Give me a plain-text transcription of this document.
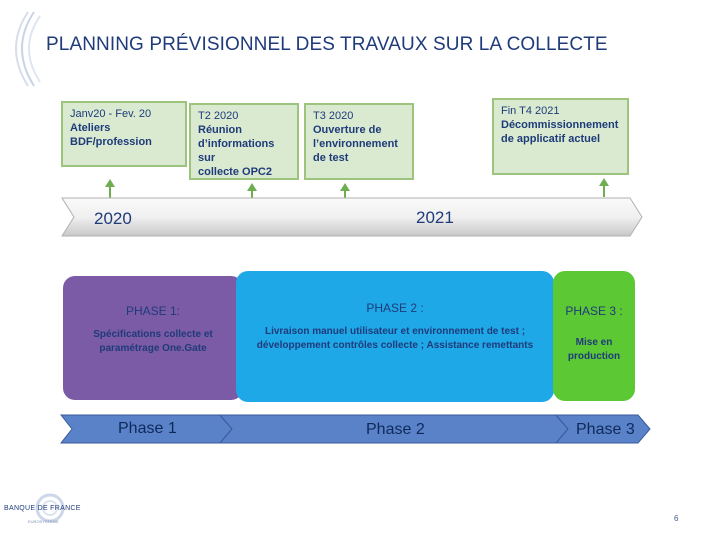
PLANNING PRÉVISIONNEL DES TRAVAUX SUR LA COLLECTE
Janv20 - Fev. 20
Ateliers
BDF/profession
T2 2020
Réunion
d’informations sur
collecte OPC2
T3 2020
Ouverture de
l’environnement
de test
Fin T4 2021
Décommissionnement
de applicatif actuel
2020	2021
PHASE 1:
Spécifications collecte et
paramétrage One.Gate
PHASE 2 :
Livraison manuel utilisateur et environnement de test ;
développement contrôles collecte ; Assistance remettants
PHASE 3 :
Mise en
production
Phase 1	Phase 2	Phase 3
BANQUE DE FRANCE
EUROSYSTÈME	6
